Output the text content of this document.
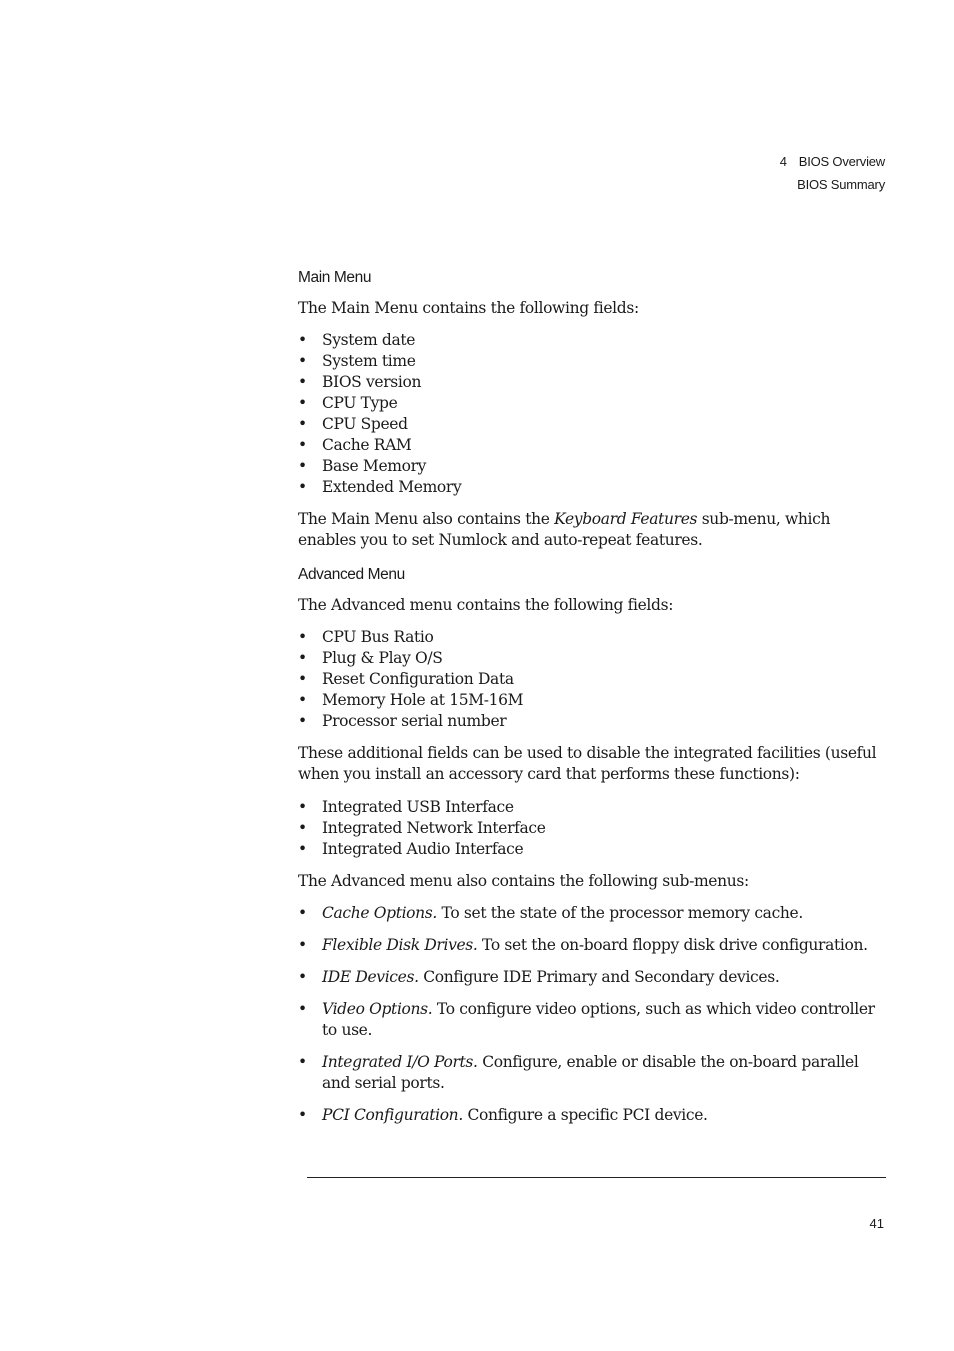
4 BIOS Overview
BIOS Summary
Main Menu

The Main Menu contains the following fields:

• System date
• System time
• BIOS version
• CPU Type
• CPU Speed
• Cache RAM
• Base Memory
• Extended Memory

The Main Menu also contains the Keyboard Features sub-menu, which enables you to set Numlock and auto-repeat features.

Advanced Menu

The Advanced menu contains the following fields:

• CPU Bus Ratio
• Plug & Play O/S
• Reset Configuration Data
• Memory Hole at 15M-16M
• Processor serial number

These additional fields can be used to disable the integrated facilities (useful when you install an accessory card that performs these functions):

• Integrated USB Interface
• Integrated Network Interface
• Integrated Audio Interface

The Advanced menu also contains the following sub-menus:

• Cache Options. To set the state of the processor memory cache.
• Flexible Disk Drives. To set the on-board floppy disk drive configuration.
• IDE Devices. Configure IDE Primary and Secondary devices.
• Video Options. To configure video options, such as which video controller to use.
• Integrated I/O Ports. Configure, enable or disable the on-board parallel and serial ports.
• PCI Configuration. Configure a specific PCI device.
41
